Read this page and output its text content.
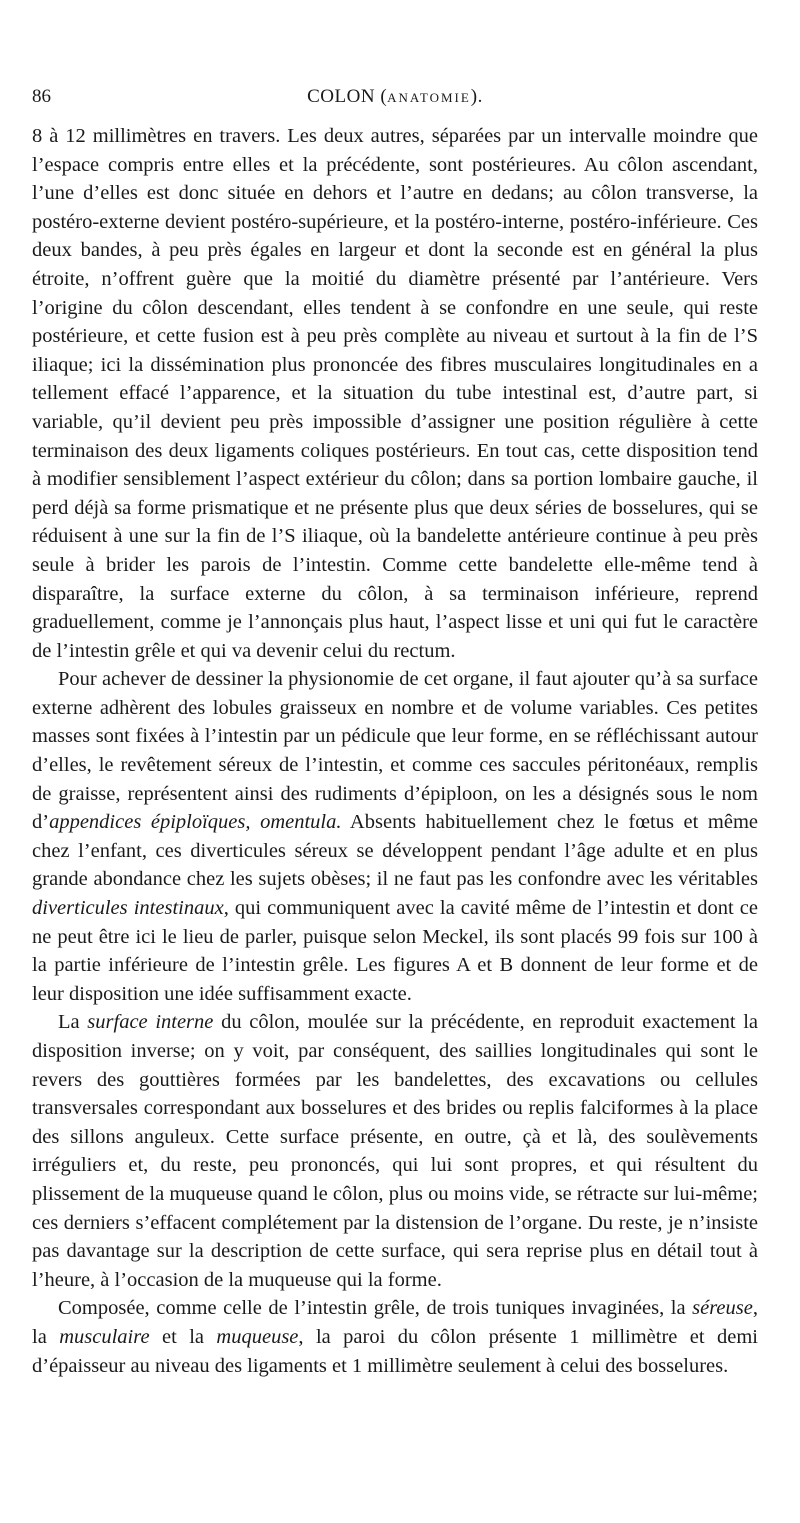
86	COLON (ANATOMIE).

8 à 12 millimètres en travers. Les deux autres, séparées par un intervalle moindre que l’espace compris entre elles et la précédente, sont postérieures. Au côlon ascendant, l’une d’elles est donc située en dehors et l’autre en dedans; au côlon transverse, la postéro-externe devient postéro-supérieure, et la postéro-interne, postéro-inférieure. Ces deux bandes, à peu près égales en largeur et dont la seconde est en général la plus étroite, n’offrent guère que la moitié du diamètre présenté par l’antérieure. Vers l’origine du côlon descendant, elles tendent à se confondre en une seule, qui reste postérieure, et cette fusion est à peu près complète au niveau et surtout à la fin de l’S iliaque; ici la dissémination plus prononcée des fibres musculaires longitudinales en a tellement effacé l’apparence, et la situation du tube intestinal est, d’autre part, si variable, qu’il devient peu près impossible d’assigner une position régulière à cette terminaison des deux ligaments coliques postérieurs. En tout cas, cette disposition tend à modifier sensiblement l’aspect extérieur du côlon; dans sa portion lombaire gauche, il perd déjà sa forme prismatique et ne présente plus que deux séries de bosselures, qui se réduisent à une sur la fin de l’S iliaque, où la bandelette antérieure continue à peu près seule à brider les parois de l’intestin. Comme cette bandelette elle-même tend à disparaître, la surface externe du côlon, à sa terminaison inférieure, reprend graduellement, comme je l’annonçais plus haut, l’aspect lisse et uni qui fut le caractère de l’intestin grêle et qui va devenir celui du rectum.

Pour achever de dessiner la physionomie de cet organe, il faut ajouter qu’à sa surface externe adhèrent des lobules graisseux en nombre et de volume variables. Ces petites masses sont fixées à l’intestin par un pédicule que leur forme, en se réfléchissant autour d’elles, le revêtement séreux de l’intestin, et comme ces saccules péritonéaux, remplis de graisse, représentent ainsi des rudiments d’épiploon, on les a désignés sous le nom d’appendices épiploïques, omentula. Absents habituellement chez le fœtus et même chez l’enfant, ces diverticules séreux se développent pendant l’âge adulte et en plus grande abondance chez les sujets obèses; il ne faut pas les confondre avec les véritables diverticules intestinaux, qui communiquent avec la cavité même de l’intestin et dont ce ne peut être ici le lieu de parler, puisque selon Meckel, ils sont placés 99 fois sur 100 à la partie inférieure de l’intestin grêle. Les figures A et B donnent de leur forme et de leur disposition une idée suffisamment exacte.

La surface interne du côlon, moulée sur la précédente, en reproduit exactement la disposition inverse; on y voit, par conséquent, des saillies longitudinales qui sont le revers des gouttières formées par les bandelettes, des excavations ou cellules transversales correspondant aux bosselures et des brides ou replis falciformes à la place des sillons anguleux. Cette surface présente, en outre, çà et là, des soulèvements irréguliers et, du reste, peu prononcés, qui lui sont propres, et qui résultent du plissement de la muqueuse quand le côlon, plus ou moins vide, se rétracte sur lui-même; ces derniers s’effacent complétement par la distension de l’organe. Du reste, je n’insiste pas davantage sur la description de cette surface, qui sera reprise plus en détail tout à l’heure, à l’occasion de la muqueuse qui la forme.

Composée, comme celle de l’intestin grêle, de trois tuniques invaginées, la séreuse, la musculaire et la muqueuse, la paroi du côlon présente 1 millimètre et demi d’épaisseur au niveau des ligaments et 1 millimètre seulement à celui des bosselures.
